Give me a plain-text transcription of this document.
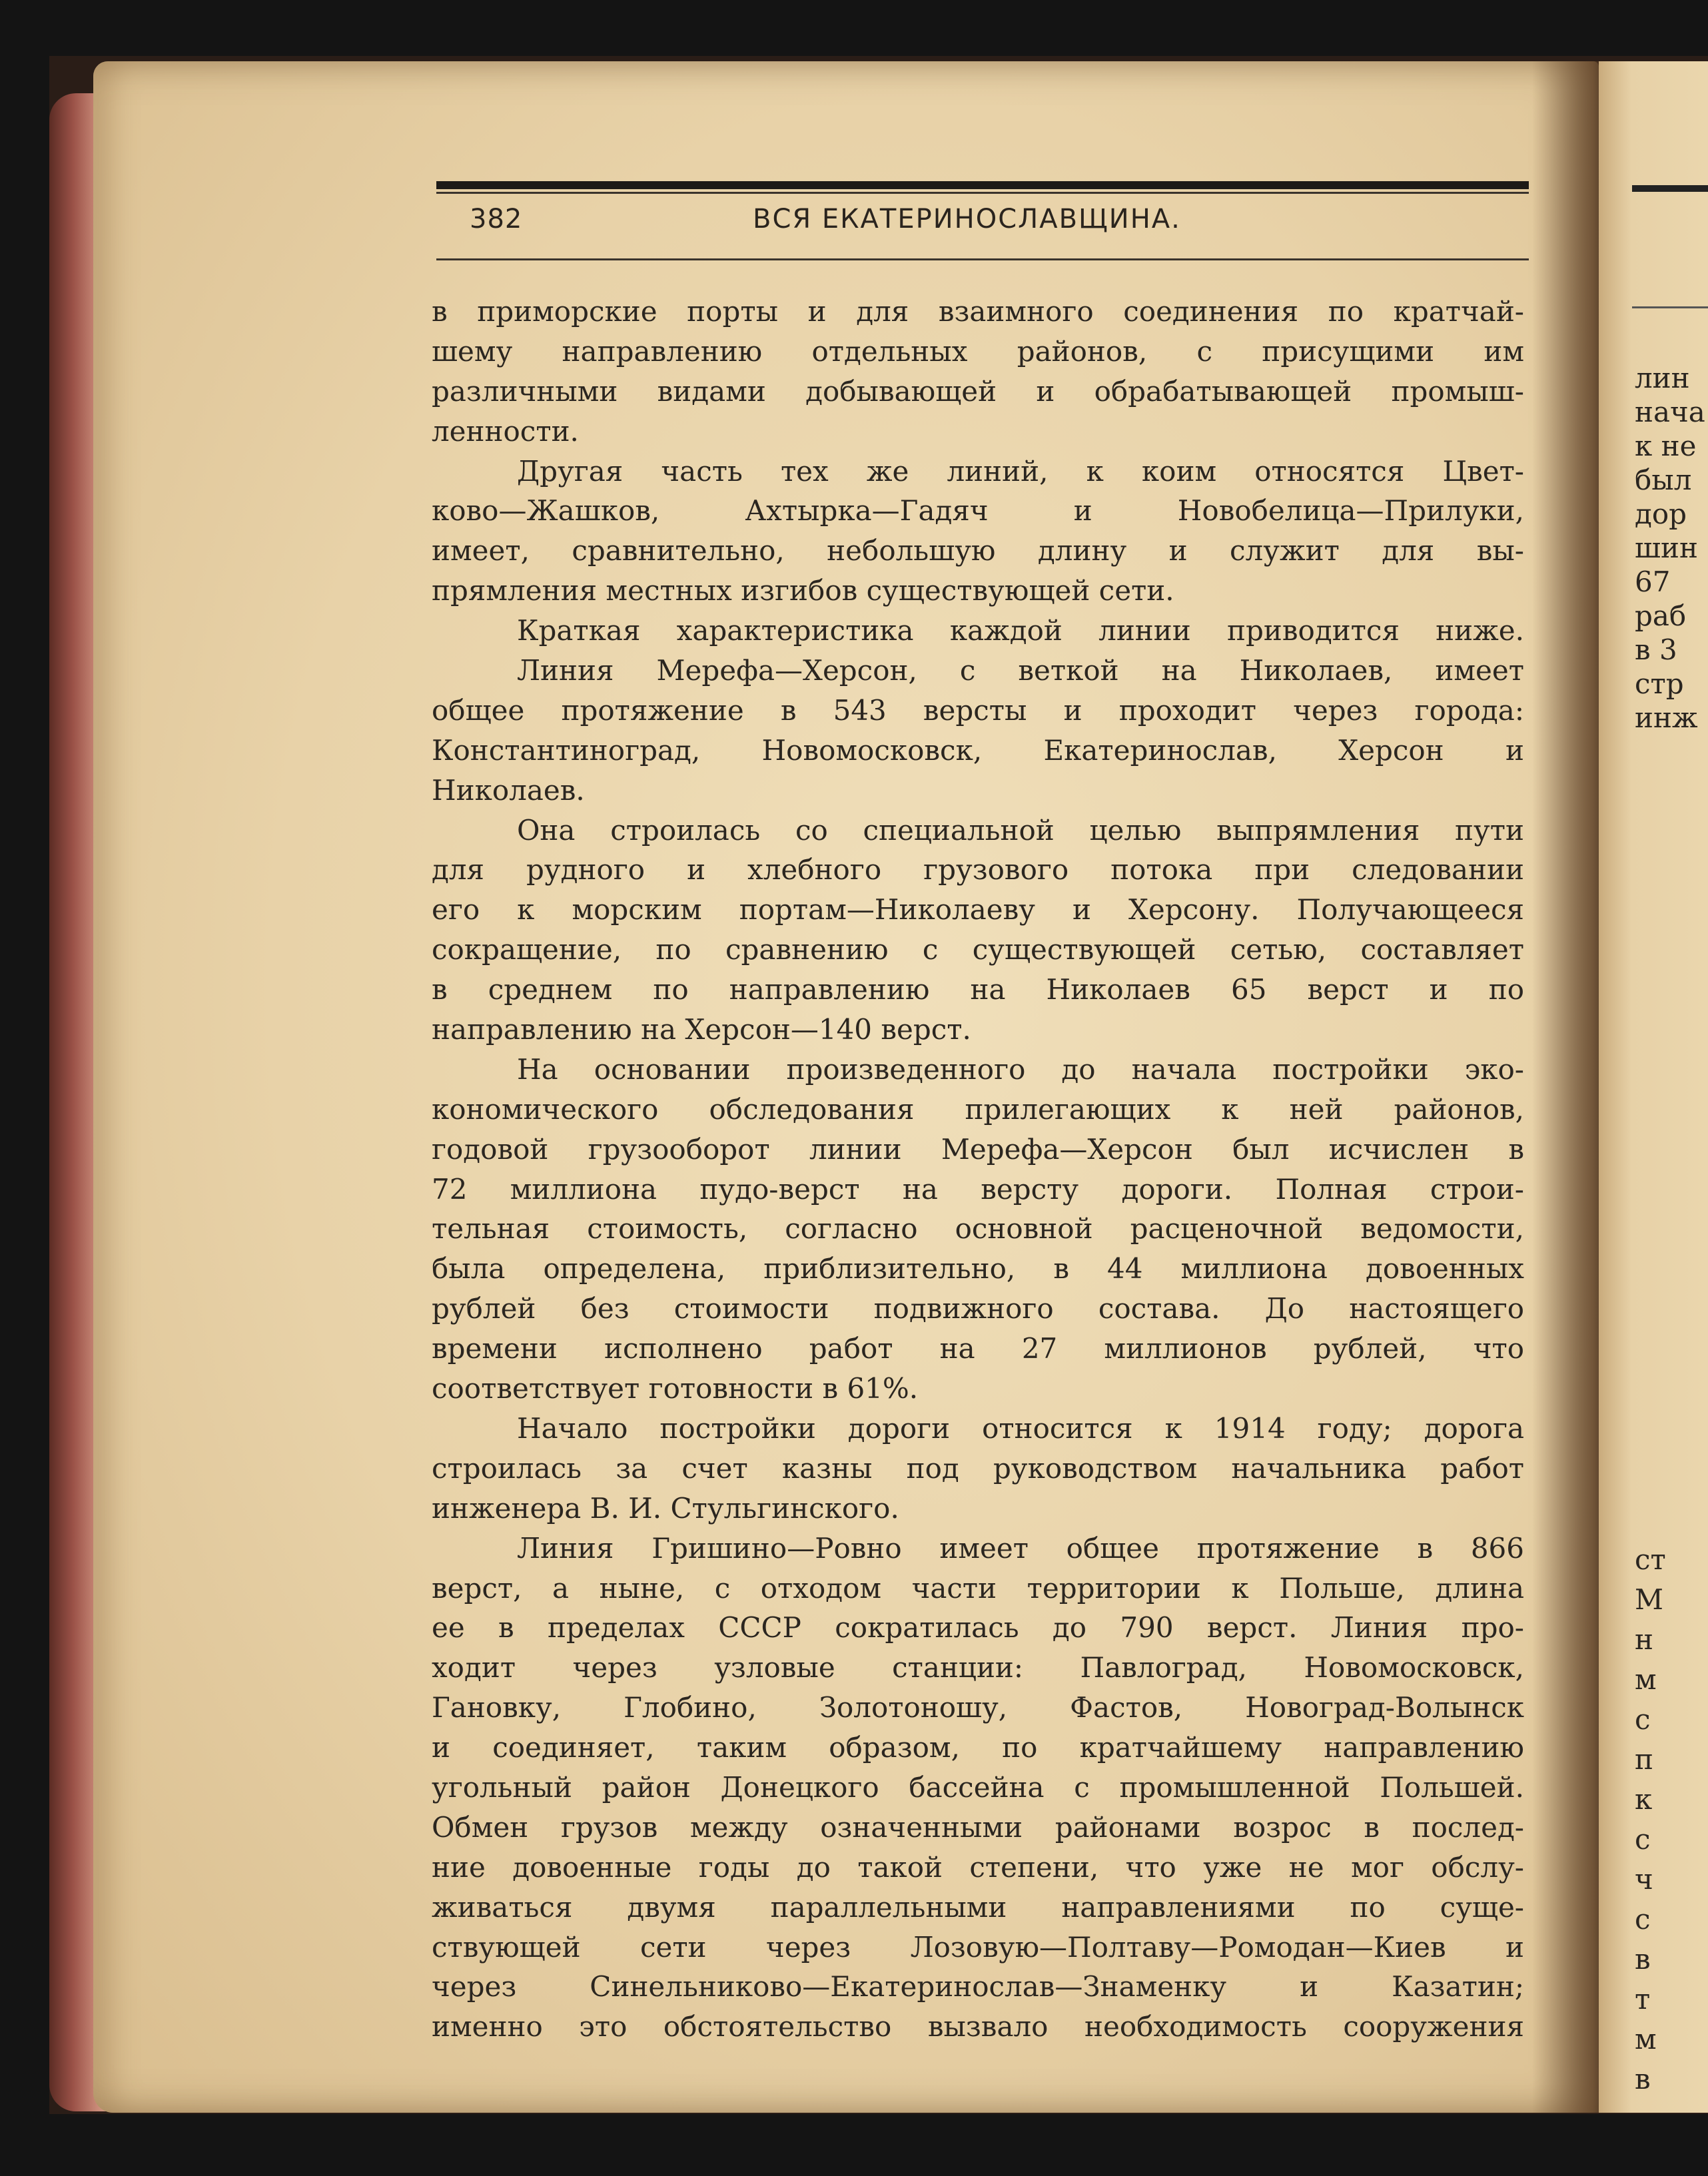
лин
нача
к не
был
дор
шин
67
раб
в 3
стр
инж
ст
М
н
м
с
п
к
с
ч
с
в
т
м
в
382	ВСЯ ЕКАТЕРИНОСЛАВЩИНА.
в приморские порты и для взаимного соединения по кратчай-
шему направлению отдельных районов, с присущими им
различными видами добывающей и обрабатывающей промыш-
ленности.
Другая часть тех же линий, к коим относятся Цвет-
ково—Жашков, Ахтырка—Гадяч и Новобелица—Прилуки,
имеет, сравнительно, небольшую длину и служит для вы-
прямления местных изгибов существующей сети.
Краткая характеристика каждой линии приводится ниже.
Линия Мерефа—Херсон, с веткой на Николаев, имеет
общее протяжение в 543 версты и проходит через города:
Константиноград, Новомосковск, Екатеринослав, Херсон и
Николаев.
Она строилась со специальной целью выпрямления пути
для рудного и хлебного грузового потока при следовании
его к морским портам—Николаеву и Херсону. Получающееся
сокращение, по сравнению с существующей сетью, составляет
в среднем по направлению на Николаев 65 верст и по
направлению на Херсон—140 верст.
На основании произведенного до начала постройки эко-
кономического обследования прилегающих к ней районов,
годовой грузооборот линии Мерефа—Херсон был исчислен в
72 миллиона пудо-верст на версту дороги. Полная строи-
тельная стоимость, согласно основной расценочной ведомости,
была определена, приблизительно, в 44 миллиона довоенных
рублей без стоимости подвижного состава. До настоящего
времени исполнено работ на 27 миллионов рублей, что
соответствует готовности в 61%.
Начало постройки дороги относится к 1914 году; дорога
строилась за счет казны под руководством начальника работ
инженера В. И. Стульгинского.
Линия Гришино—Ровно имеет общее протяжение в 866
верст, а ныне, с отходом части территории к Польше, длина
ее в пределах СССР сократилась до 790 верст. Линия про-
ходит через узловые станции: Павлоград, Новомосковск,
Гановку, Глобино, Золотоношу, Фастов, Новоград-Волынск
и соединяет, таким образом, по кратчайшему направлению
угольный район Донецкого бассейна с промышленной Польшей.
Обмен грузов между означенными районами возрос в послед-
ние довоенные годы до такой степени, что уже не мог обслу-
живаться двумя параллельными направлениями по суще-
ствующей сети через Лозовую—Полтаву—Ромодан—Киев и
через Синельниково—Екатеринослав—Знаменку и Казатин;
именно это обстоятельство вызвало необходимость сооружения
